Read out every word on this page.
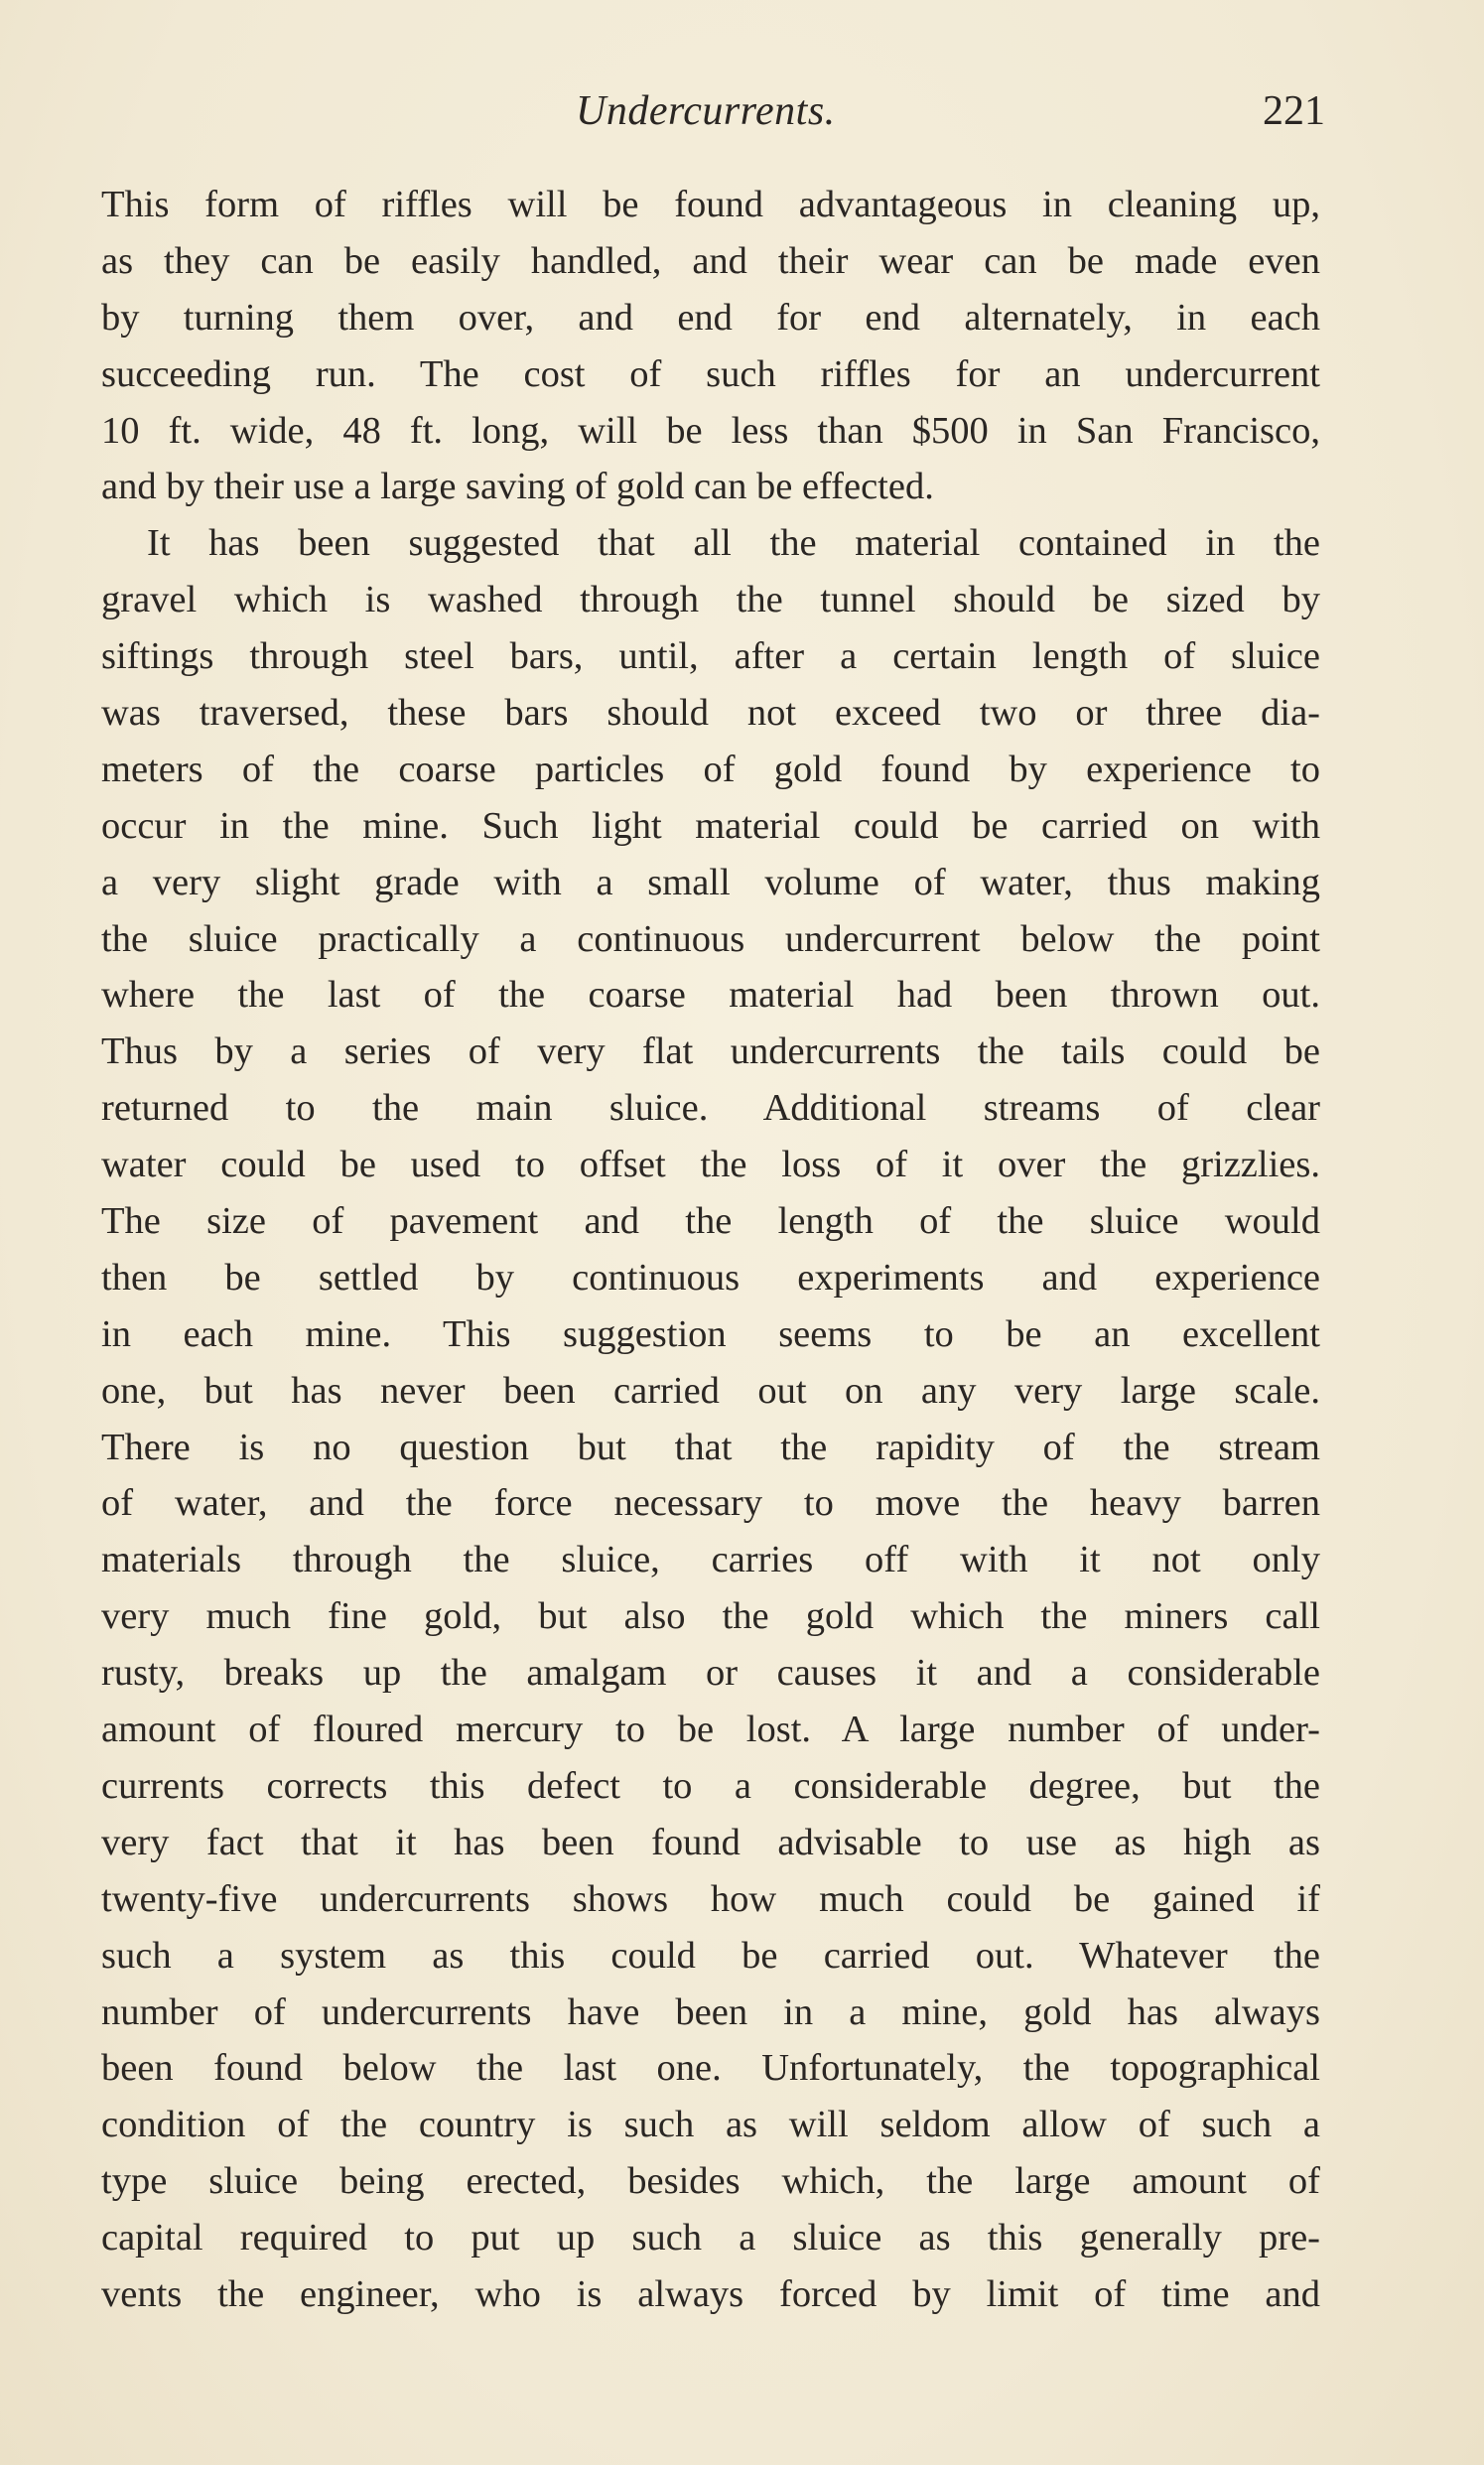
Undercurrents.	221
This form of riffles will be found advantageous in cleaning up,
as they can be easily handled, and their wear can be made even
by turning them over, and end for end alternately, in each
succeeding run. The cost of such riffles for an undercurrent
10 ft. wide, 48 ft. long, will be less than $500 in San Francisco,
and by their use a large saving of gold can be effected.
It has been suggested that all the material contained in the
gravel which is washed through the tunnel should be sized by
siftings through steel bars, until, after a certain length of sluice
was traversed, these bars should not exceed two or three dia-
meters of the coarse particles of gold found by experience to
occur in the mine. Such light material could be carried on with
a very slight grade with a small volume of water, thus making
the sluice practically a continuous undercurrent below the point
where the last of the coarse material had been thrown out.
Thus by a series of very flat undercurrents the tails could be
returned to the main sluice. Additional streams of clear
water could be used to offset the loss of it over the grizzlies.
The size of pavement and the length of the sluice would
then be settled by continuous experiments and experience
in each mine. This suggestion seems to be an excellent
one, but has never been carried out on any very large scale.
There is no question but that the rapidity of the stream
of water, and the force necessary to move the heavy barren
materials through the sluice, carries off with it not only
very much fine gold, but also the gold which the miners call
rusty, breaks up the amalgam or causes it and a considerable
amount of floured mercury to be lost. A large number of under-
currents corrects this defect to a considerable degree, but the
very fact that it has been found advisable to use as high as
twenty-five undercurrents shows how much could be gained if
such a system as this could be carried out. Whatever the
number of undercurrents have been in a mine, gold has always
been found below the last one. Unfortunately, the topographical
condition of the country is such as will seldom allow of such a
type sluice being erected, besides which, the large amount of
capital required to put up such a sluice as this generally pre-
vents the engineer, who is always forced by limit of time and
